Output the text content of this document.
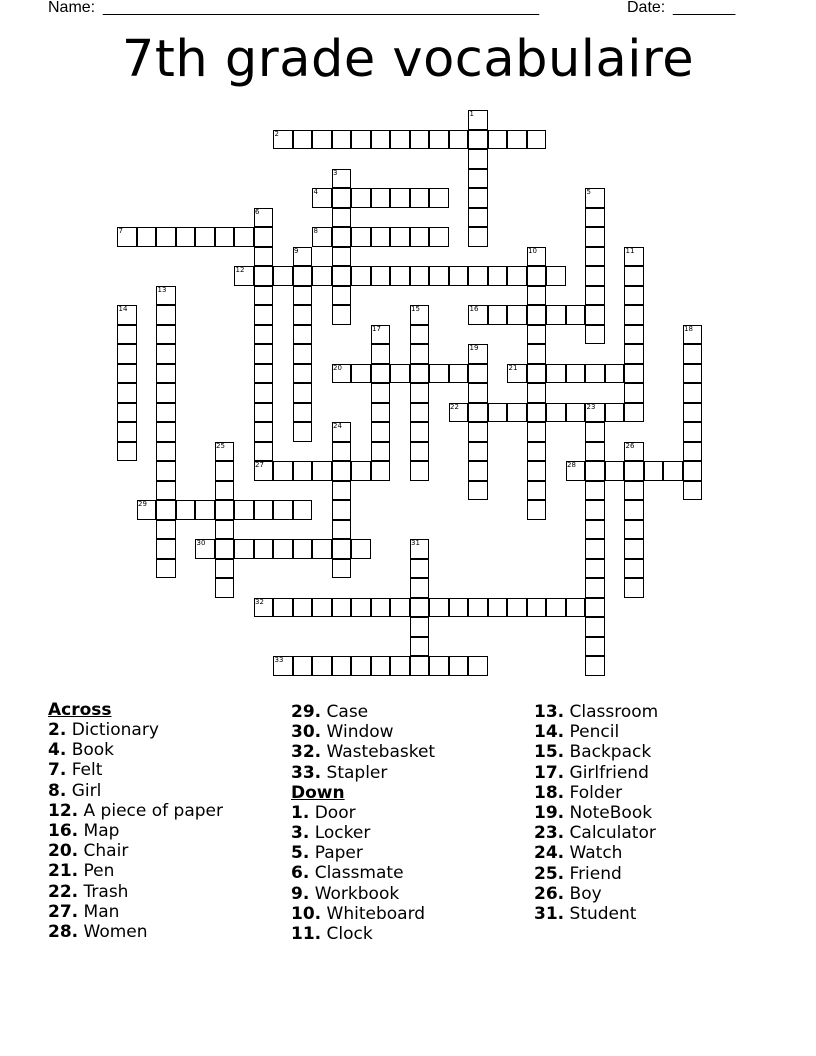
Name: _________________________________________________	Date: _______
7th grade vocabulaire
1
2
3
4	5
6
7	8
9	10	11
12
13
14	15	16
17	18
19
20	21
22	23
24
25	26
27	28
29
30	31
32
33
Across
2. Dictionary
4. Book
7. Felt
8. Girl
12. A piece of paper
16. Map
20. Chair
21. Pen
22. Trash
27. Man
28. Women
29. Case
30. Window
32. Wastebasket
33. Stapler
Down
1. Door
3. Locker
5. Paper
6. Classmate
9. Workbook
10. Whiteboard
11. Clock
13. Classroom
14. Pencil
15. Backpack
17. Girlfriend
18. Folder
19. NoteBook
23. Calculator
24. Watch
25. Friend
26. Boy
31. Student
